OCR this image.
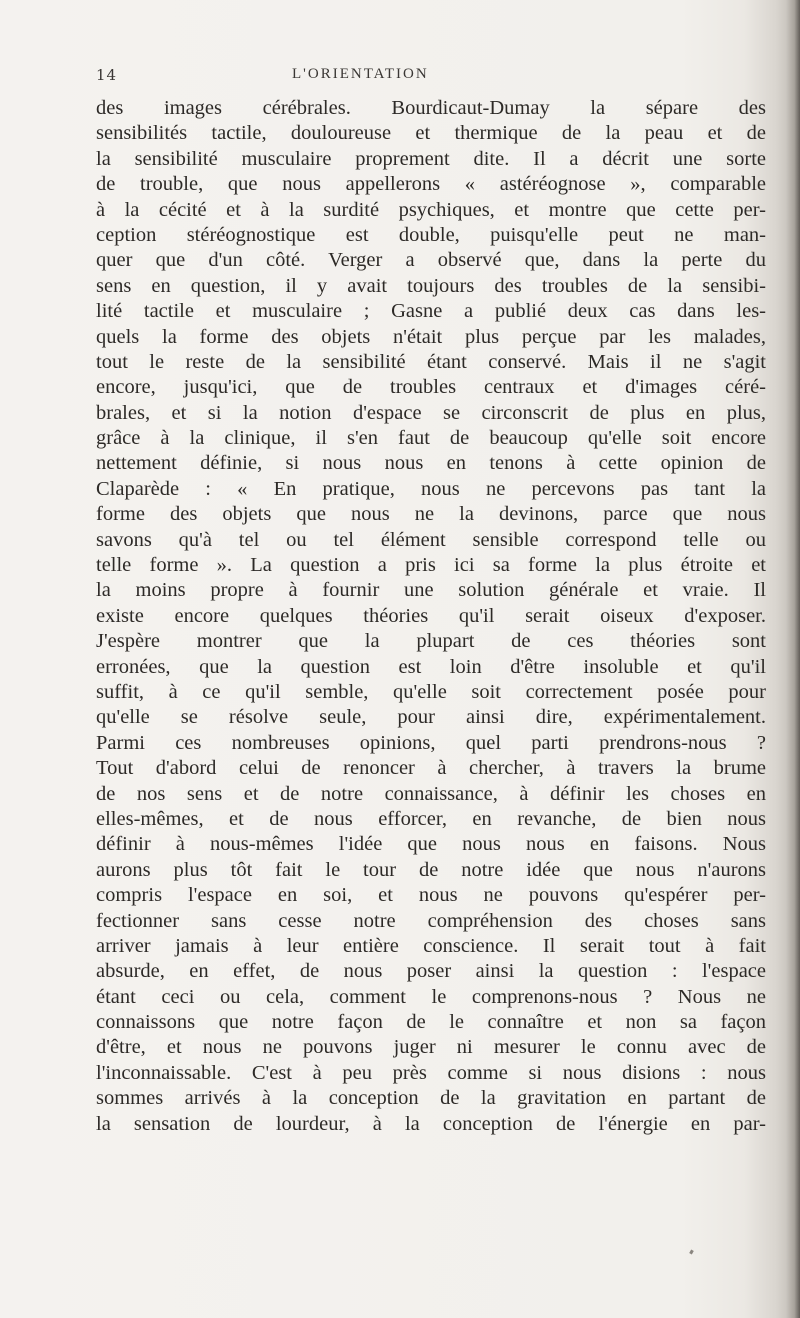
14	L'ORIENTATION
des images cérébrales. Bourdicaut-Dumay la sépare des
sensibilités tactile, douloureuse et thermique de la peau et de
la sensibilité musculaire proprement dite. Il a décrit une sorte
de trouble, que nous appellerons « astéréognose », comparable
à la cécité et à la surdité psychiques, et montre que cette per-
ception stéréognostique est double, puisqu'elle peut ne man-
quer que d'un côté. Verger a observé que, dans la perte du
sens en question, il y avait toujours des troubles de la sensibi-
lité tactile et musculaire ; Gasne a publié deux cas dans les-
quels la forme des objets n'était plus perçue par les malades,
tout le reste de la sensibilité étant conservé. Mais il ne s'agit
encore, jusqu'ici, que de troubles centraux et d'images céré-
brales, et si la notion d'espace se circonscrit de plus en plus,
grâce à la clinique, il s'en faut de beaucoup qu'elle soit encore
nettement définie, si nous nous en tenons à cette opinion de
Claparède : « En pratique, nous ne percevons pas tant la
forme des objets que nous ne la devinons, parce que nous
savons qu'à tel ou tel élément sensible correspond telle ou
telle forme ». La question a pris ici sa forme la plus étroite et
la moins propre à fournir une solution générale et vraie. Il
existe encore quelques théories qu'il serait oiseux d'exposer.
J'espère montrer que la plupart de ces théories sont
erronées, que la question est loin d'être insoluble et qu'il
suffit, à ce qu'il semble, qu'elle soit correctement posée pour
qu'elle se résolve seule, pour ainsi dire, expérimentalement.
Parmi ces nombreuses opinions, quel parti prendrons-nous ?
Tout d'abord celui de renoncer à chercher, à travers la brume
de nos sens et de notre connaissance, à définir les choses en
elles-mêmes, et de nous efforcer, en revanche, de bien nous
définir à nous-mêmes l'idée que nous nous en faisons. Nous
aurons plus tôt fait le tour de notre idée que nous n'aurons
compris l'espace en soi, et nous ne pouvons qu'espérer per-
fectionner sans cesse notre compréhension des choses sans
arriver jamais à leur entière conscience. Il serait tout à fait
absurde, en effet, de nous poser ainsi la question : l'espace
étant ceci ou cela, comment le comprenons-nous ? Nous ne
connaissons que notre façon de le connaître et non sa façon
d'être, et nous ne pouvons juger ni mesurer le connu avec de
l'inconnaissable. C'est à peu près comme si nous disions : nous
sommes arrivés à la conception de la gravitation en partant de
la sensation de lourdeur, à la conception de l'énergie en par-
